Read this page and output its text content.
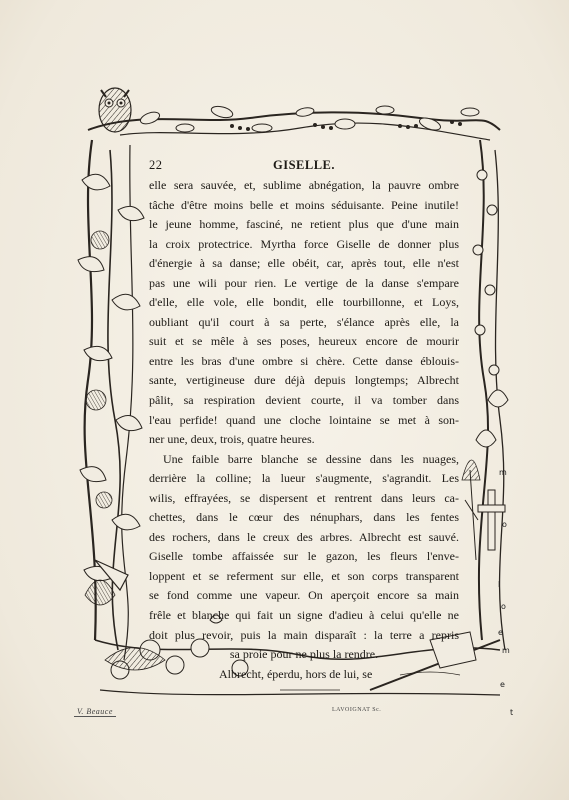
22	GISELLE.

elle sera sauvée, et, sublime abnégation, la pauvre ombre

tâche d'être moins belle et moins séduisante. Peine inutile!

le jeune homme, fasciné, ne retient plus que d'une main

la croix protectrice. Myrtha force Giselle de donner plus

d'énergie à sa danse; elle obéit, car, après tout, elle n'est

pas une wili pour rien. Le vertige de la danse s'empare

d'elle, elle vole, elle bondit, elle tourbillonne, et Loys,

oubliant qu'il court à sa perte, s'élance après elle, la

suit et se mêle à ses poses, heureux encore de mourir

entre les bras d'une ombre si chère. Cette danse éblouis-

sante, vertigineuse dure déjà depuis longtemps; Albrecht

pâlit, sa respiration devient courte, il va tomber dans

l'eau perfide! quand une cloche lointaine se met à son-

ner une, deux, trois, quatre heures.

Une faible barre blanche se dessine dans les nuages,

derrière la colline; la lueur s'augmente, s'agrandit. Les

wilis, effrayées, se dispersent et rentrent dans leurs ca-

chettes, dans le cœur des nénuphars, dans les fentes

des rochers, dans le creux des arbres. Albrecht est sauvé.

Giselle tombe affaissée sur le gazon, les fleurs l'enve-

loppent et se referment sur elle, et son corps transparent

se fond comme une vapeur. On aperçoit encore sa main

frêle et blanche qui fait un signe d'adieu à celui qu'elle ne

doit plus revoir, puis la main disparaît : la terre a repris

sa proie pour ne plus la rendre.

Albrecht, éperdu, hors de lui, se

V. Beauce	LAVOIGNAT Sc.
m
o
l
o
e
m
e
t
